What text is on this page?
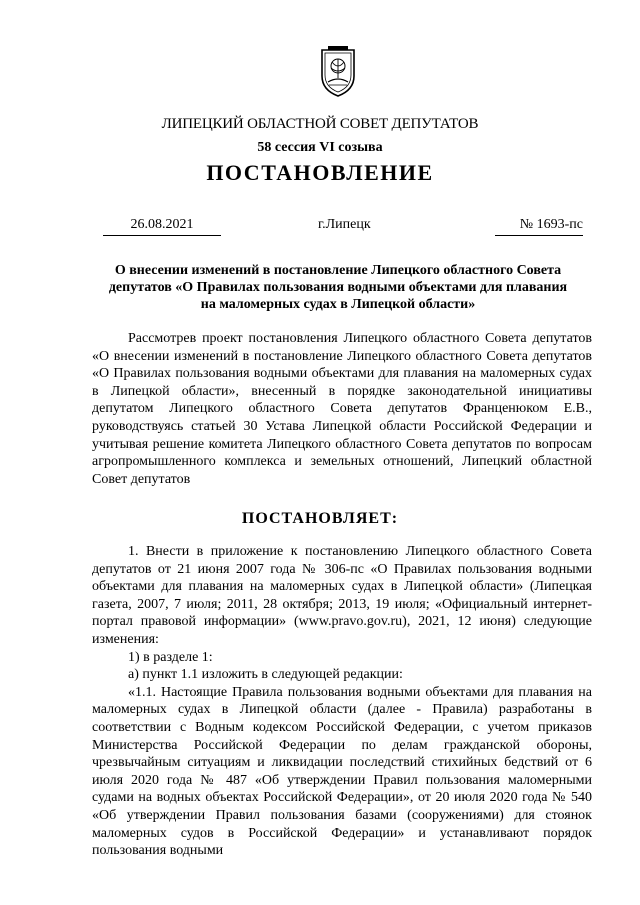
ЛИПЕЦКИЙ ОБЛАСТНОЙ СОВЕТ ДЕПУТАТОВ
58 сессия VI созыва
ПОСТАНОВЛЕНИЕ
26.08.2021	г.Липецк	№ 1693-пс
О внесении изменений в постановление Липецкого областного Совета депутатов «О Правилах пользования водными объектами для плавания на маломерных судах в Липецкой области»

Рассмотрев проект постановления Липецкого областного Совета депутатов «О внесении изменений в постановление Липецкого областного Совета депутатов «О Правилах пользования водными объектами для плавания на маломерных судах в Липецкой области», внесенный в порядке законодательной инициативы депутатом Липецкого областного Совета депутатов Франценюком Е.В., руководствуясь статьей 30 Устава Липецкой области Российской Федерации и учитывая решение комитета Липецкого областного Совета депутатов по вопросам агропромышленного комплекса и земельных отношений, Липецкий областной Совет депутатов

ПОСТАНОВЛЯЕТ:

1. Внести в приложение к постановлению Липецкого областного Совета депутатов от 21 июня 2007 года № 306-пс «О Правилах пользования водными объектами для плавания на маломерных судах в Липецкой области» (Липецкая газета, 2007, 7 июля; 2011, 28 октября; 2013, 19 июля; «Официальный интернет-портал правовой информации» (www.pravo.gov.ru), 2021, 12 июня) следующие изменения:

1) в разделе 1:

а) пункт 1.1 изложить в следующей редакции:

«1.1. Настоящие Правила пользования водными объектами для плавания на маломерных судах в Липецкой области (далее - Правила) разработаны в соответствии с Водным кодексом Российской Федерации, с учетом приказов Министерства Российской Федерации по делам гражданской обороны, чрезвычайным ситуациям и ликвидации последствий стихийных бедствий от 6 июля 2020 года № 487 «Об утверждении Правил пользования маломерными судами на водных объектах Российской Федерации», от 20 июля 2020 года № 540 «Об утверждении Правил пользования базами (сооружениями) для стоянок маломерных судов в Российской Федерации» и устанавливают порядок пользования водными
